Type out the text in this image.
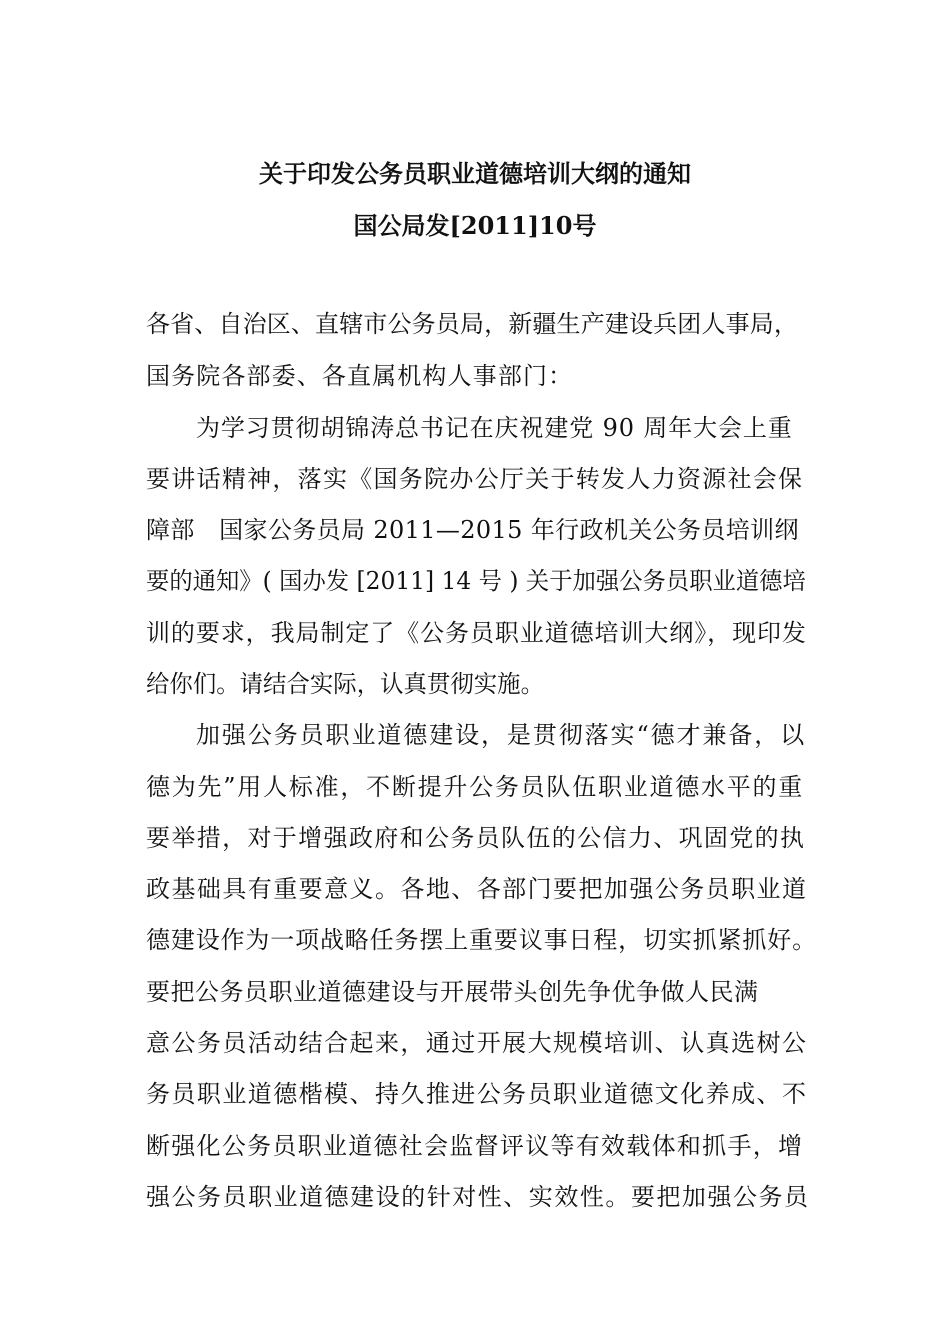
关于印发公务员职业道德培训大纲的通知
国公局发[2011]10号

各省、自治区、直辖市公务员局，新疆生产建设兵团人事局，

国务院各部委、各直属机构人事部门：

为学习贯彻胡锦涛总书记在庆祝建党 90 周年大会上重

要讲话精神，落实《国务院办公厅关于转发人力资源社会保

障部　国家公务员局 2011—2015 年行政机关公务员培训纲

要的通知》( 国办发 [2011] 14 号 ) 关于加强公务员职业道德培

训的要求，我局制定了《公务员职业道德培训大纲》，现印发

给你们。请结合实际，认真贯彻实施。

加强公务员职业道德建设，是贯彻落实“德才兼备，以

德为先”用人标准，不断提升公务员队伍职业道德水平的重

要举措，对于增强政府和公务员队伍的公信力、巩固党的执

政基础具有重要意义。各地、各部门要把加强公务员职业道

德建设作为一项战略任务摆上重要议事日程，切实抓紧抓好。

要把公务员职业道德建设与开展带头创先争优争做人民满

意公务员活动结合起来，通过开展大规模培训、认真选树公

务员职业道德楷模、持久推进公务员职业道德文化养成、不

断强化公务员职业道德社会监督评议等有效载体和抓手，增

强公务员职业道德建设的针对性、实效性。要把加强公务员
